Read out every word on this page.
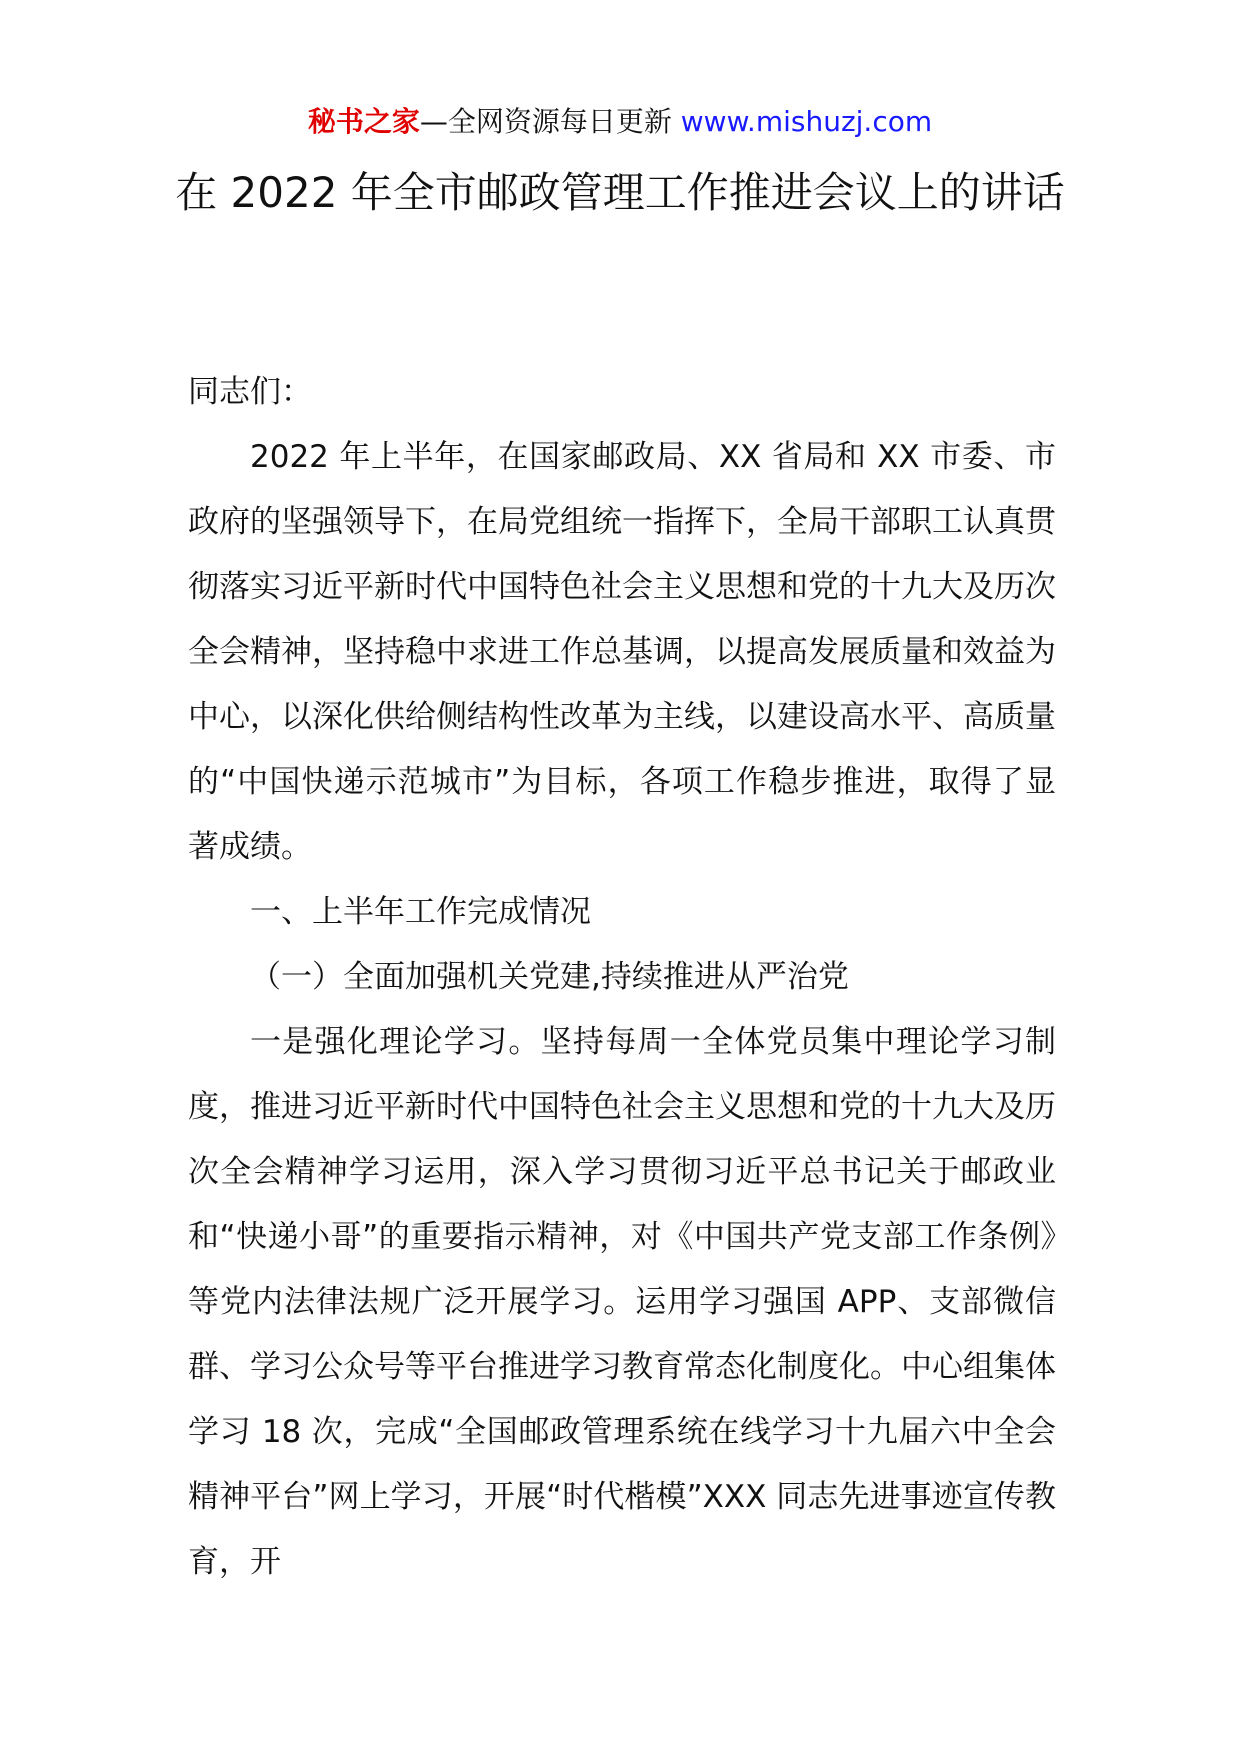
秘书之家—全网资源每日更新 www.mishuzj.com
在 2022 年全市邮政管理工作推进会议上的讲话

同志们：

2022 年上半年，在国家邮政局、XX 省局和 XX 市委、市政府的坚强领导下，在局党组统一指挥下，全局干部职工认真贯彻落实习近平新时代中国特色社会主义思想和党的十九大及历次全会精神，坚持稳中求进工作总基调，以提高发展质量和效益为中心，以深化供给侧结构性改革为主线，以建设高水平、高质量的“中国快递示范城市”为目标，各项工作稳步推进，取得了显著成绩。

一、上半年工作完成情况

（一）全面加强机关党建,持续推进从严治党

一是强化理论学习。坚持每周一全体党员集中理论学习制度，推进习近平新时代中国特色社会主义思想和党的十九大及历次全会精神学习运用，深入学习贯彻习近平总书记关于邮政业和“快递小哥”的重要指示精神，对《中国共产党支部工作条例》等党内法律法规广泛开展学习。运用学习强国 APP、支部微信群、学习公众号等平台推进学习教育常态化制度化。中心组集体学习 18 次，完成“全国邮政管理系统在线学习十九届六中全会精神平台”网上学习，开展“时代楷模”XXX 同志先进事迹宣传教育，开
